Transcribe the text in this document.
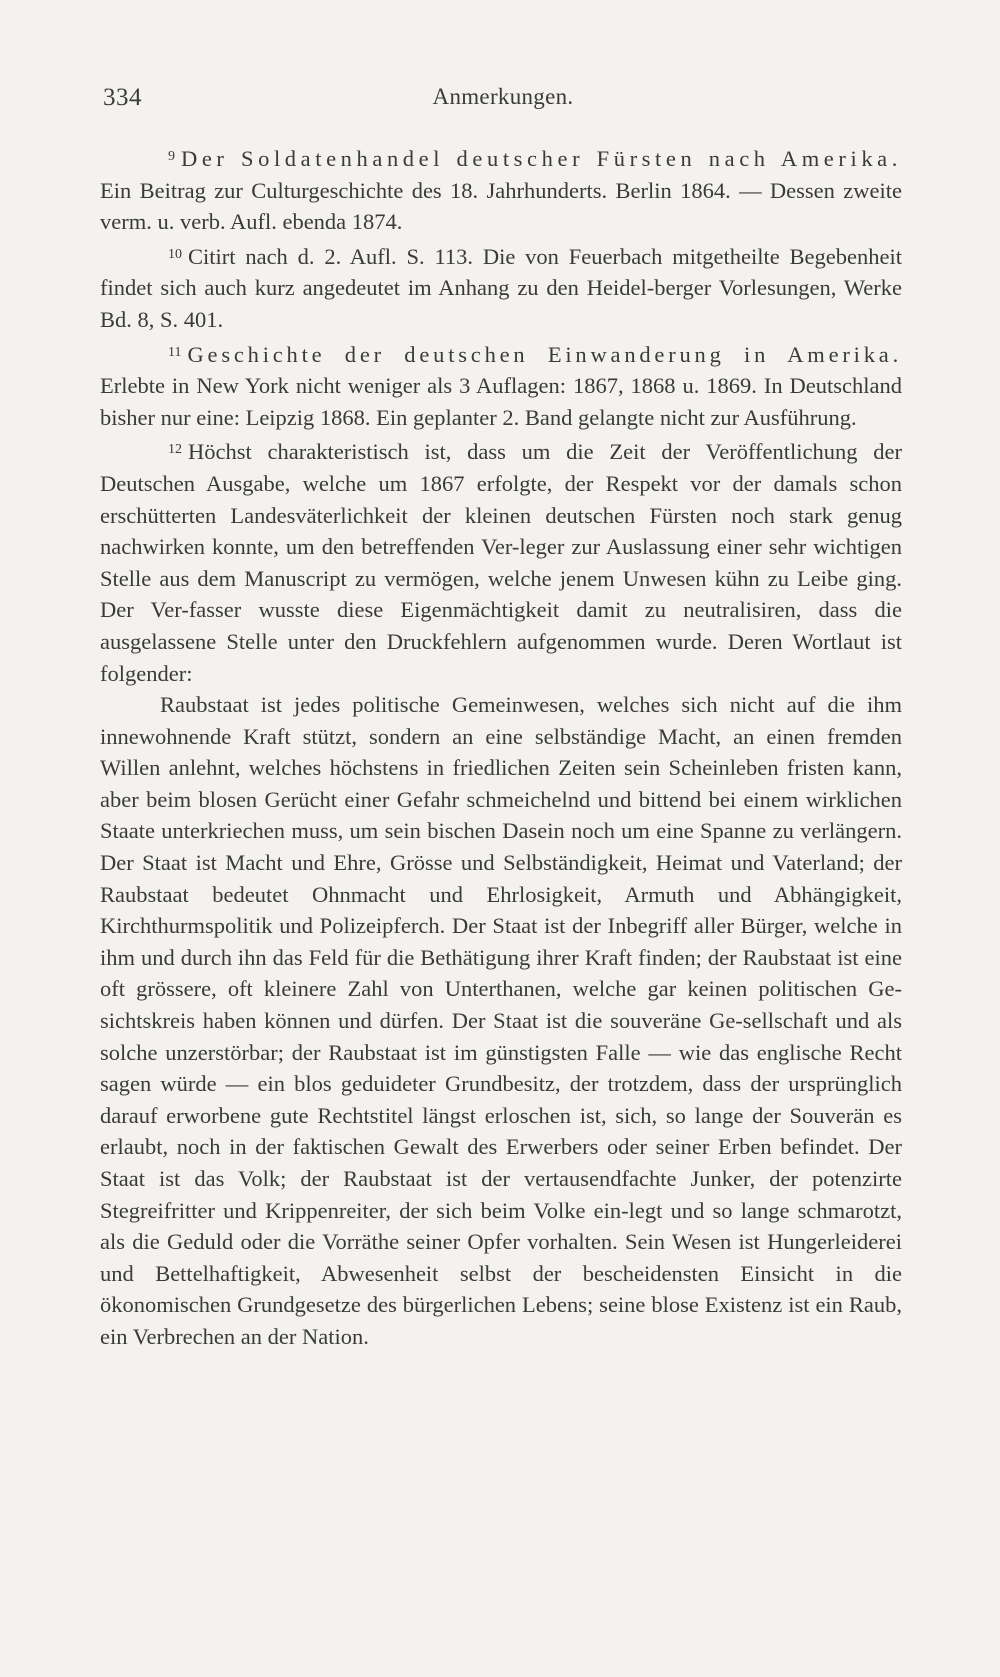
334	Anmerkungen.

$^9$ Der Soldatenhandel deutscher Fürsten nach Amerika. Ein Beitrag zur Culturgeschichte des 18. Jahrhunderts. Berlin 1864. — Dessen zweite verm. u. verb. Aufl. ebenda 1874.

$^{10}$ Citirt nach d. 2. Aufl. S. 113. Die von Feuerbach mitgetheilte Begebenheit findet sich auch kurz angedeutet im Anhang zu den Heidel-berger Vorlesungen, Werke Bd. 8, S. 401.

$^{11}$ Geschichte der deutschen Einwanderung in Amerika. Erlebte in New York nicht weniger als 3 Auflagen: 1867, 1868 u. 1869. In Deutschland bisher nur eine: Leipzig 1868. Ein geplanter 2. Band gelangte nicht zur Ausführung.

$^{12}$ Höchst charakteristisch ist, dass um die Zeit der Veröffentlichung der Deutschen Ausgabe, welche um 1867 erfolgte, der Respekt vor der damals schon erschütterten Landesväterlichkeit der kleinen deutschen Fürsten noch stark genug nachwirken konnte, um den betreffenden Ver-leger zur Auslassung einer sehr wichtigen Stelle aus dem Manuscript zu vermögen, welche jenem Unwesen kühn zu Leibe ging. Der Ver-fasser wusste diese Eigenmächtigkeit damit zu neutralisiren, dass die ausgelassene Stelle unter den Druckfehlern aufgenommen wurde. Deren Wortlaut ist folgender:

Raubstaat ist jedes politische Gemeinwesen, welches sich nicht auf die ihm innewohnende Kraft stützt, sondern an eine selbständige Macht, an einen fremden Willen anlehnt, welches höchstens in friedlichen Zeiten sein Scheinleben fristen kann, aber beim blosen Gerücht einer Gefahr schmeichelnd und bittend bei einem wirklichen Staate unterkriechen muss, um sein bischen Dasein noch um eine Spanne zu verlängern. Der Staat ist Macht und Ehre, Grösse und Selbständigkeit, Heimat und Vaterland; der Raubstaat bedeutet Ohnmacht und Ehrlosigkeit, Armuth und Abhängigkeit, Kirchthurmspolitik und Polizeipferch. Der Staat ist der Inbegriff aller Bürger, welche in ihm und durch ihn das Feld für die Bethätigung ihrer Kraft finden; der Raubstaat ist eine oft grössere, oft kleinere Zahl von Unterthanen, welche gar keinen politischen Ge-sichtskreis haben können und dürfen. Der Staat ist die souveräne Ge-sellschaft und als solche unzerstörbar; der Raubstaat ist im günstigsten Falle — wie das englische Recht sagen würde — ein blos geduideter Grundbesitz, der trotzdem, dass der ursprünglich darauf erworbene gute Rechtstitel längst erloschen ist, sich, so lange der Souverän es erlaubt, noch in der faktischen Gewalt des Erwerbers oder seiner Erben befindet. Der Staat ist das Volk; der Raubstaat ist der vertausendfachte Junker, der potenzirte Stegreifritter und Krippenreiter, der sich beim Volke ein-legt und so lange schmarotzt, als die Geduld oder die Vorräthe seiner Opfer vorhalten. Sein Wesen ist Hungerleiderei und Bettelhaftigkeit, Abwesenheit selbst der bescheidensten Einsicht in die ökonomischen Grundgesetze des bürgerlichen Lebens; seine blose Existenz ist ein Raub, ein Verbrechen an der Nation.
